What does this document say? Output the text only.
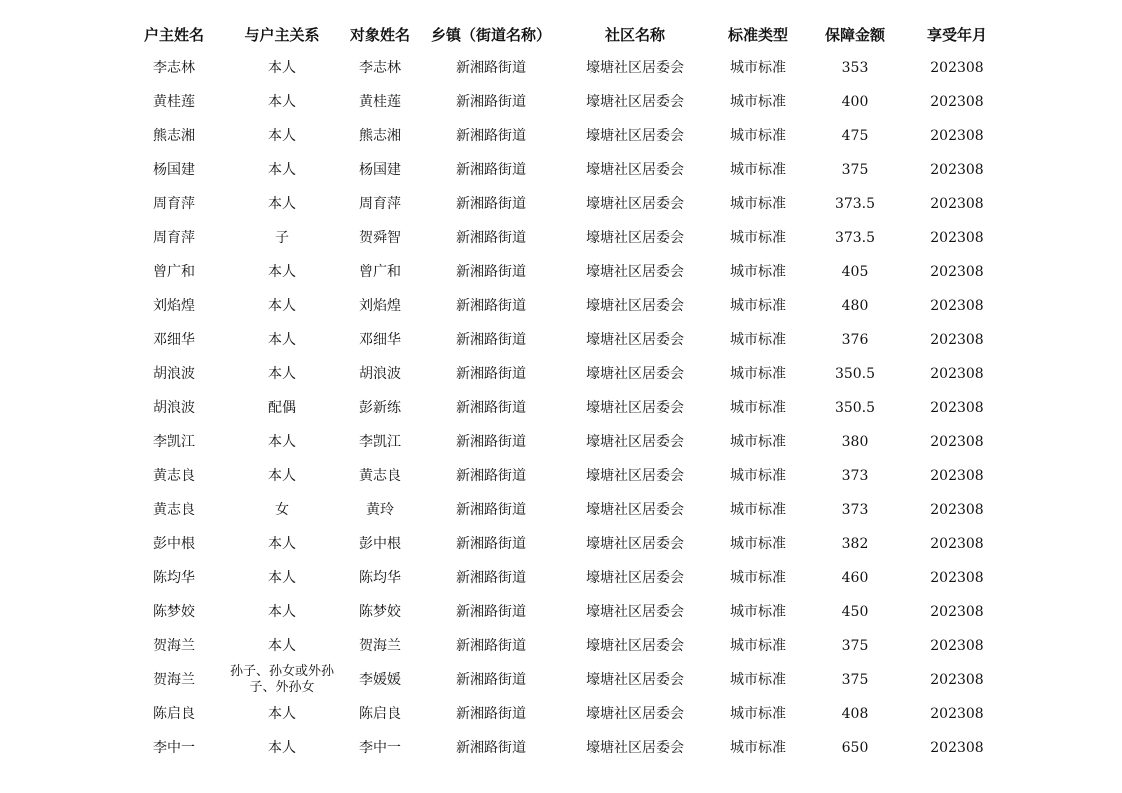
户主姓名	与户主关系	对象姓名	乡镇（街道名称）	社区名称	标准类型	保障金额	享受年月
李志林	本人	李志林	新湘路街道	壕塘社区居委会	城市标准	353	202308
黄桂莲	本人	黄桂莲	新湘路街道	壕塘社区居委会	城市标准	400	202308
熊志湘	本人	熊志湘	新湘路街道	壕塘社区居委会	城市标准	475	202308
杨国建	本人	杨国建	新湘路街道	壕塘社区居委会	城市标准	375	202308
周育萍	本人	周育萍	新湘路街道	壕塘社区居委会	城市标准	373.5	202308
周育萍	子	贺舜智	新湘路街道	壕塘社区居委会	城市标准	373.5	202308
曾广和	本人	曾广和	新湘路街道	壕塘社区居委会	城市标准	405	202308
刘焰煌	本人	刘焰煌	新湘路街道	壕塘社区居委会	城市标准	480	202308
邓细华	本人	邓细华	新湘路街道	壕塘社区居委会	城市标准	376	202308
胡浪波	本人	胡浪波	新湘路街道	壕塘社区居委会	城市标准	350.5	202308
胡浪波	配偶	彭新练	新湘路街道	壕塘社区居委会	城市标准	350.5	202308
李凯江	本人	李凯江	新湘路街道	壕塘社区居委会	城市标准	380	202308
黄志良	本人	黄志良	新湘路街道	壕塘社区居委会	城市标准	373	202308
黄志良	女	黄玲	新湘路街道	壕塘社区居委会	城市标准	373	202308
彭中根	本人	彭中根	新湘路街道	壕塘社区居委会	城市标准	382	202308
陈均华	本人	陈均华	新湘路街道	壕塘社区居委会	城市标准	460	202308
陈梦姣	本人	陈梦姣	新湘路街道	壕塘社区居委会	城市标准	450	202308
贺海兰	本人	贺海兰	新湘路街道	壕塘社区居委会	城市标准	375	202308
贺海兰	孙子、孙女或外孙子、外孙女	李媛媛	新湘路街道	壕塘社区居委会	城市标准	375	202308
陈启良	本人	陈启良	新湘路街道	壕塘社区居委会	城市标准	408	202308
李中一	本人	李中一	新湘路街道	壕塘社区居委会	城市标准	650	202308
